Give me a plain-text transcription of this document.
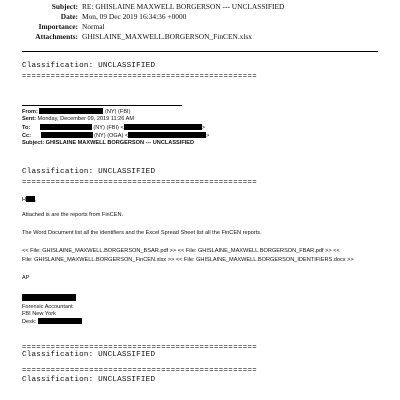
Subject: RE: GHISLAINE MAXWELL BORGERSON --- UNCLASSIFIED
Date: Mon, 09 Dec 2019 16:34:36 +0000
Importance: Normal
Attachments: GHISLAINE_MAXWELL.BORGERSON_FinCEN.xlsx
Classification: UNCLASSIFIED
=================================================
From:	(NY) (FBI)
Sent: Monday, December 09, 2019 11:26 AM
To:	(NY) (FBI) <	>
Cc:	(NY) (OGA) <	>
Subject: GHISLAINE MAXWELL BORGERSON --- UNCLASSIFIED
Classification: UNCLASSIFIED
=================================================
H ,
Attached is are the reports from FinCEN.
The Word Document list all the identifiers and the Excel Spread Sheet list all the FinCEN reports.
<< File: GHISLAINE_MAXWELL.BORGERSON_BSAR.pdf >> << File: GHISLAINE_MAXWELL.BORGERSON_FBAR.pdf >> <<
File: GHISLAINE_MAXWELL.BORGERSON_FinCEN.xlsx >> << File: GHISLAINE_MAXWELL.BORGERSON_IDENTIFIERS.docx >>
AP
Forensic Accountant
FBI New York
Desk:
=================================================
Classification: UNCLASSIFIED
=================================================
Classification: UNCLASSIFIED
